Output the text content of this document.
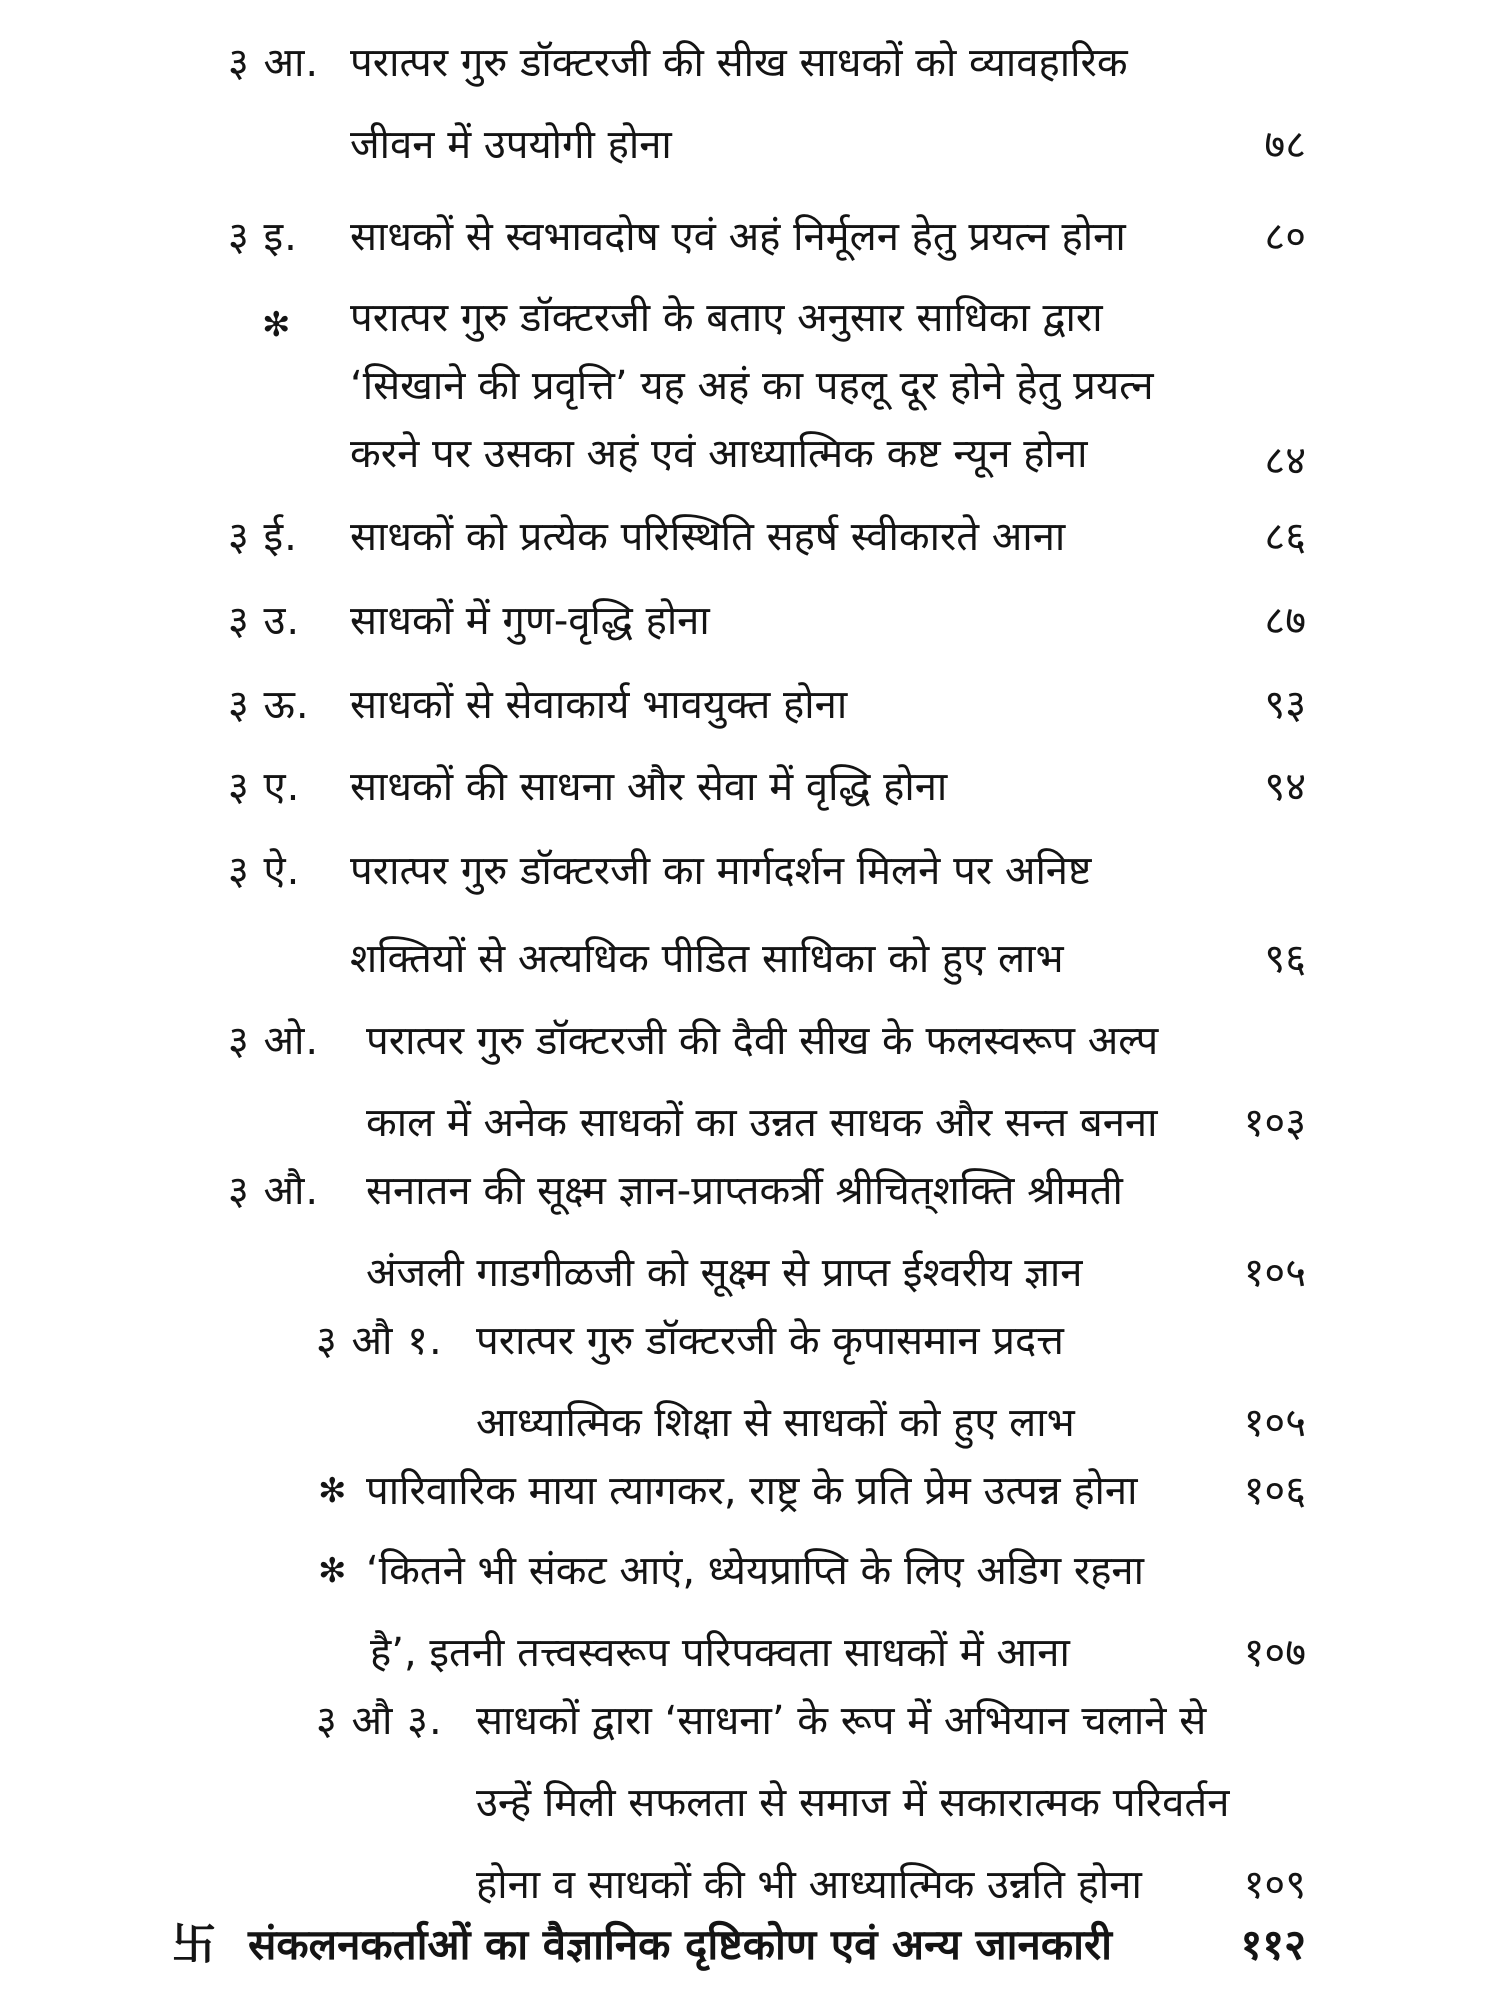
३ आ. परात्पर गुरु डॉक्टरजी की सीख साधकों को व्यावहारिक
जीवन में उपयोगी होना	७८
३ इ. साधकों से स्वभावदोष एवं अहं निर्मूलन हेतु प्रयत्न होना	८०
✻ परात्पर गुरु डॉक्टरजी के बताए अनुसार साधिका द्वारा
‘सिखाने की प्रवृत्ति’ यह अहं का पहलू दूर होने हेतु प्रयत्न
करने पर उसका अहं एवं आध्यात्मिक कष्ट न्यून होना	८४
३ ई. साधकों को प्रत्येक परिस्थिति सहर्ष स्वीकारते आना	८६
३ उ. साधकों में गुण-वृद्धि होना	८७
३ ऊ. साधकों से सेवाकार्य भावयुक्त होना	९३
३ ए. साधकों की साधना और सेवा में वृद्धि होना	९४
३ ऐ. परात्पर गुरु डॉक्टरजी का मार्गदर्शन मिलने पर अनिष्ट
शक्तियों से अत्यधिक पीडित साधिका को हुए लाभ	९६
३ ओ. परात्पर गुरु डॉक्टरजी की दैवी सीख के फलस्वरूप अल्प
काल में अनेक साधकों का उन्नत साधक और सन्त बनना	१०३
३ औ. सनातन की सूक्ष्म ज्ञान-प्राप्तकर्त्री श्रीचित्‌शक्ति श्रीमती
अंजली गाडगीळजी को सूक्ष्म से प्राप्त ईश्वरीय ज्ञान	१०५
३ औ १. परात्पर गुरु डॉक्टरजी के कृपासमान प्रदत्त
आध्यात्मिक शिक्षा से साधकों को हुए लाभ	१०५
✻ पारिवारिक माया त्यागकर, राष्ट्र के प्रति प्रेम उत्पन्न होना	१०६
✻ ‘कितने भी संकट आएं, ध्येयप्राप्ति के लिए अडिग रहना
है’, इतनी तत्त्वस्वरूप परिपक्वता साधकों में आना	१०७
३ औ ३. साधकों द्वारा ‘साधना’ के रूप में अभियान चलाने से
उन्हें मिली सफलता से समाज में सकारात्मक परिवर्तन
होना व साधकों की भी आध्यात्मिक उन्नति होना	१०९
卐 संकलनकर्ताओं का वैज्ञानिक दृष्टिकोण एवं अन्य जानकारी	११२
